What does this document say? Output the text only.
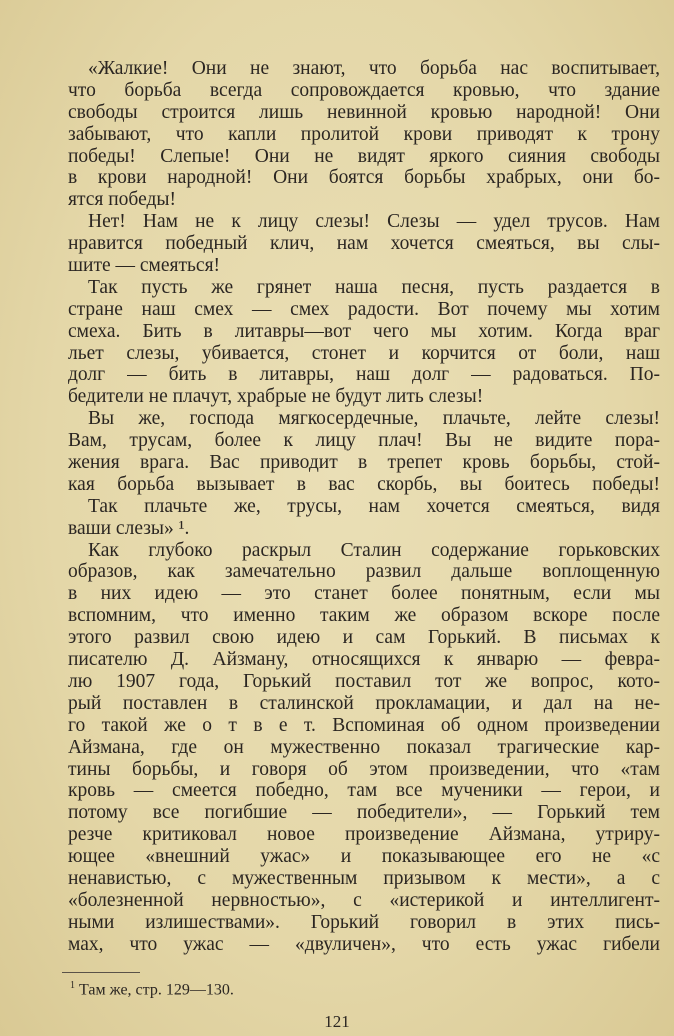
«Жалкие! Они не знают, что борьба нас воспитывает,
что борьба всегда сопровождается кровью, что здание
свободы строится лишь невинной кровью народной! Они
забывают, что капли пролитой крови приводят к трону
победы! Слепые! Они не видят яркого сияния свободы
в крови народной! Они боятся борьбы храбрых, они бо-
ятся победы!
Нет! Нам не к лицу слезы! Слезы — удел трусов. Нам
нравится победный клич, нам хочется смеяться, вы слы-
шите — смеяться!
Так пусть же грянет наша песня, пусть раздается в
стране наш смех — смех радости. Вот почему мы хотим
смеха. Бить в литавры—вот чего мы хотим. Когда враг
льет слезы, убивается, стонет и корчится от боли, наш
долг — бить в литавры, наш долг — радоваться. По-
бедители не плачут, храбрые не будут лить слезы!
Вы же, господа мягкосердечные, плачьте, лейте слезы!
Вам, трусам, более к лицу плач! Вы не видите пора-
жения врага. Вас приводит в трепет кровь борьбы, стой-
кая борьба вызывает в вас скорбь, вы боитесь победы!
Так плачьте же, трусы, нам хочется смеяться, видя
ваши слезы» ¹.
Как глубоко раскрыл Сталин содержание горьковских
образов, как замечательно развил дальше воплощенную
в них идею — это станет более понятным, если мы
вспомним, что именно таким же образом вскоре после
этого развил свою идею и сам Горький. В письмах к
писателю Д. Айзману, относящихся к январю — февра-
лю 1907 года, Горький поставил тот же вопрос, кото-
рый поставлен в сталинской прокламации, и дал на не-
го такой же о т в е т. Вспоминая об одном произведении
Айзмана, где он мужественно показал трагические кар-
тины борьбы, и говоря об этом произведении, что «там
кровь — смеется победно, там все мученики — герои, и
потому все погибшие — победители», — Горький тем
резче критиковал новое произведение Айзмана, утриру-
ющее «внешний ужас» и показывающее его не «с
ненавистью, с мужественным призывом к мести», а с
«болезненной нервностью», с «истерикой и интеллигент-
ными излишествами». Горький говорил в этих пись-
мах, что ужас — «двуличен», что есть ужас гибели
$^1$ Там же, стр. 129—130.
121
